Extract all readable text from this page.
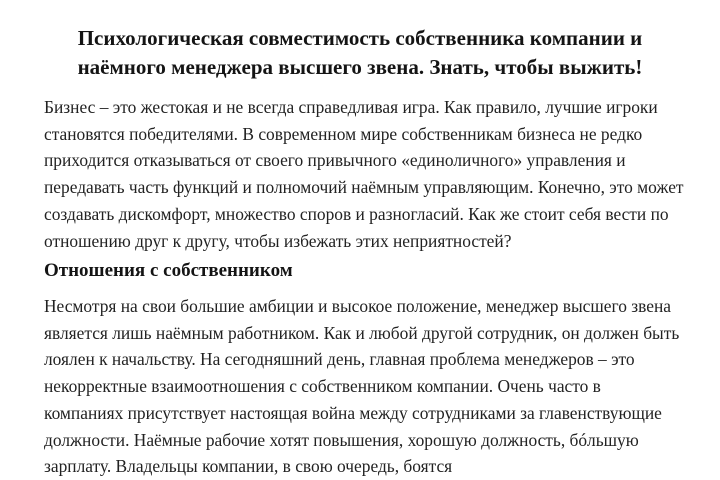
Психологическая совместимость собственника компании и
наёмного менеджера высшего звена. Знать, чтобы выжить!

Бизнес – это жестокая и не всегда справедливая игра. Как правило, лучшие игроки становятся победителями. В современном мире собственникам бизнеса не редко приходится отказываться от своего привычного «единоличного» управления и передавать часть функций и полномочий наёмным управляющим. Конечно, это может создавать дискомфорт, множество споров и разногласий. Как же стоит себя вести по отношению друг к другу, чтобы избежать этих неприятностей?

Отношения с собственником

Несмотря на свои большие амбиции и высокое положение, менеджер высшего звена является лишь наёмным работником. Как и любой другой сотрудник, он должен быть лоялен к начальству. На сегодняшний день, главная проблема менеджеров – это некорректные взаимоотношения с собственником компании. Очень часто в компаниях присутствует настоящая война между сотрудниками за главенствующие должности. Наёмные рабочие хотят повышения, хорошую должность, бóльшую зарплату. Владельцы компании, в свою очередь, боятся
